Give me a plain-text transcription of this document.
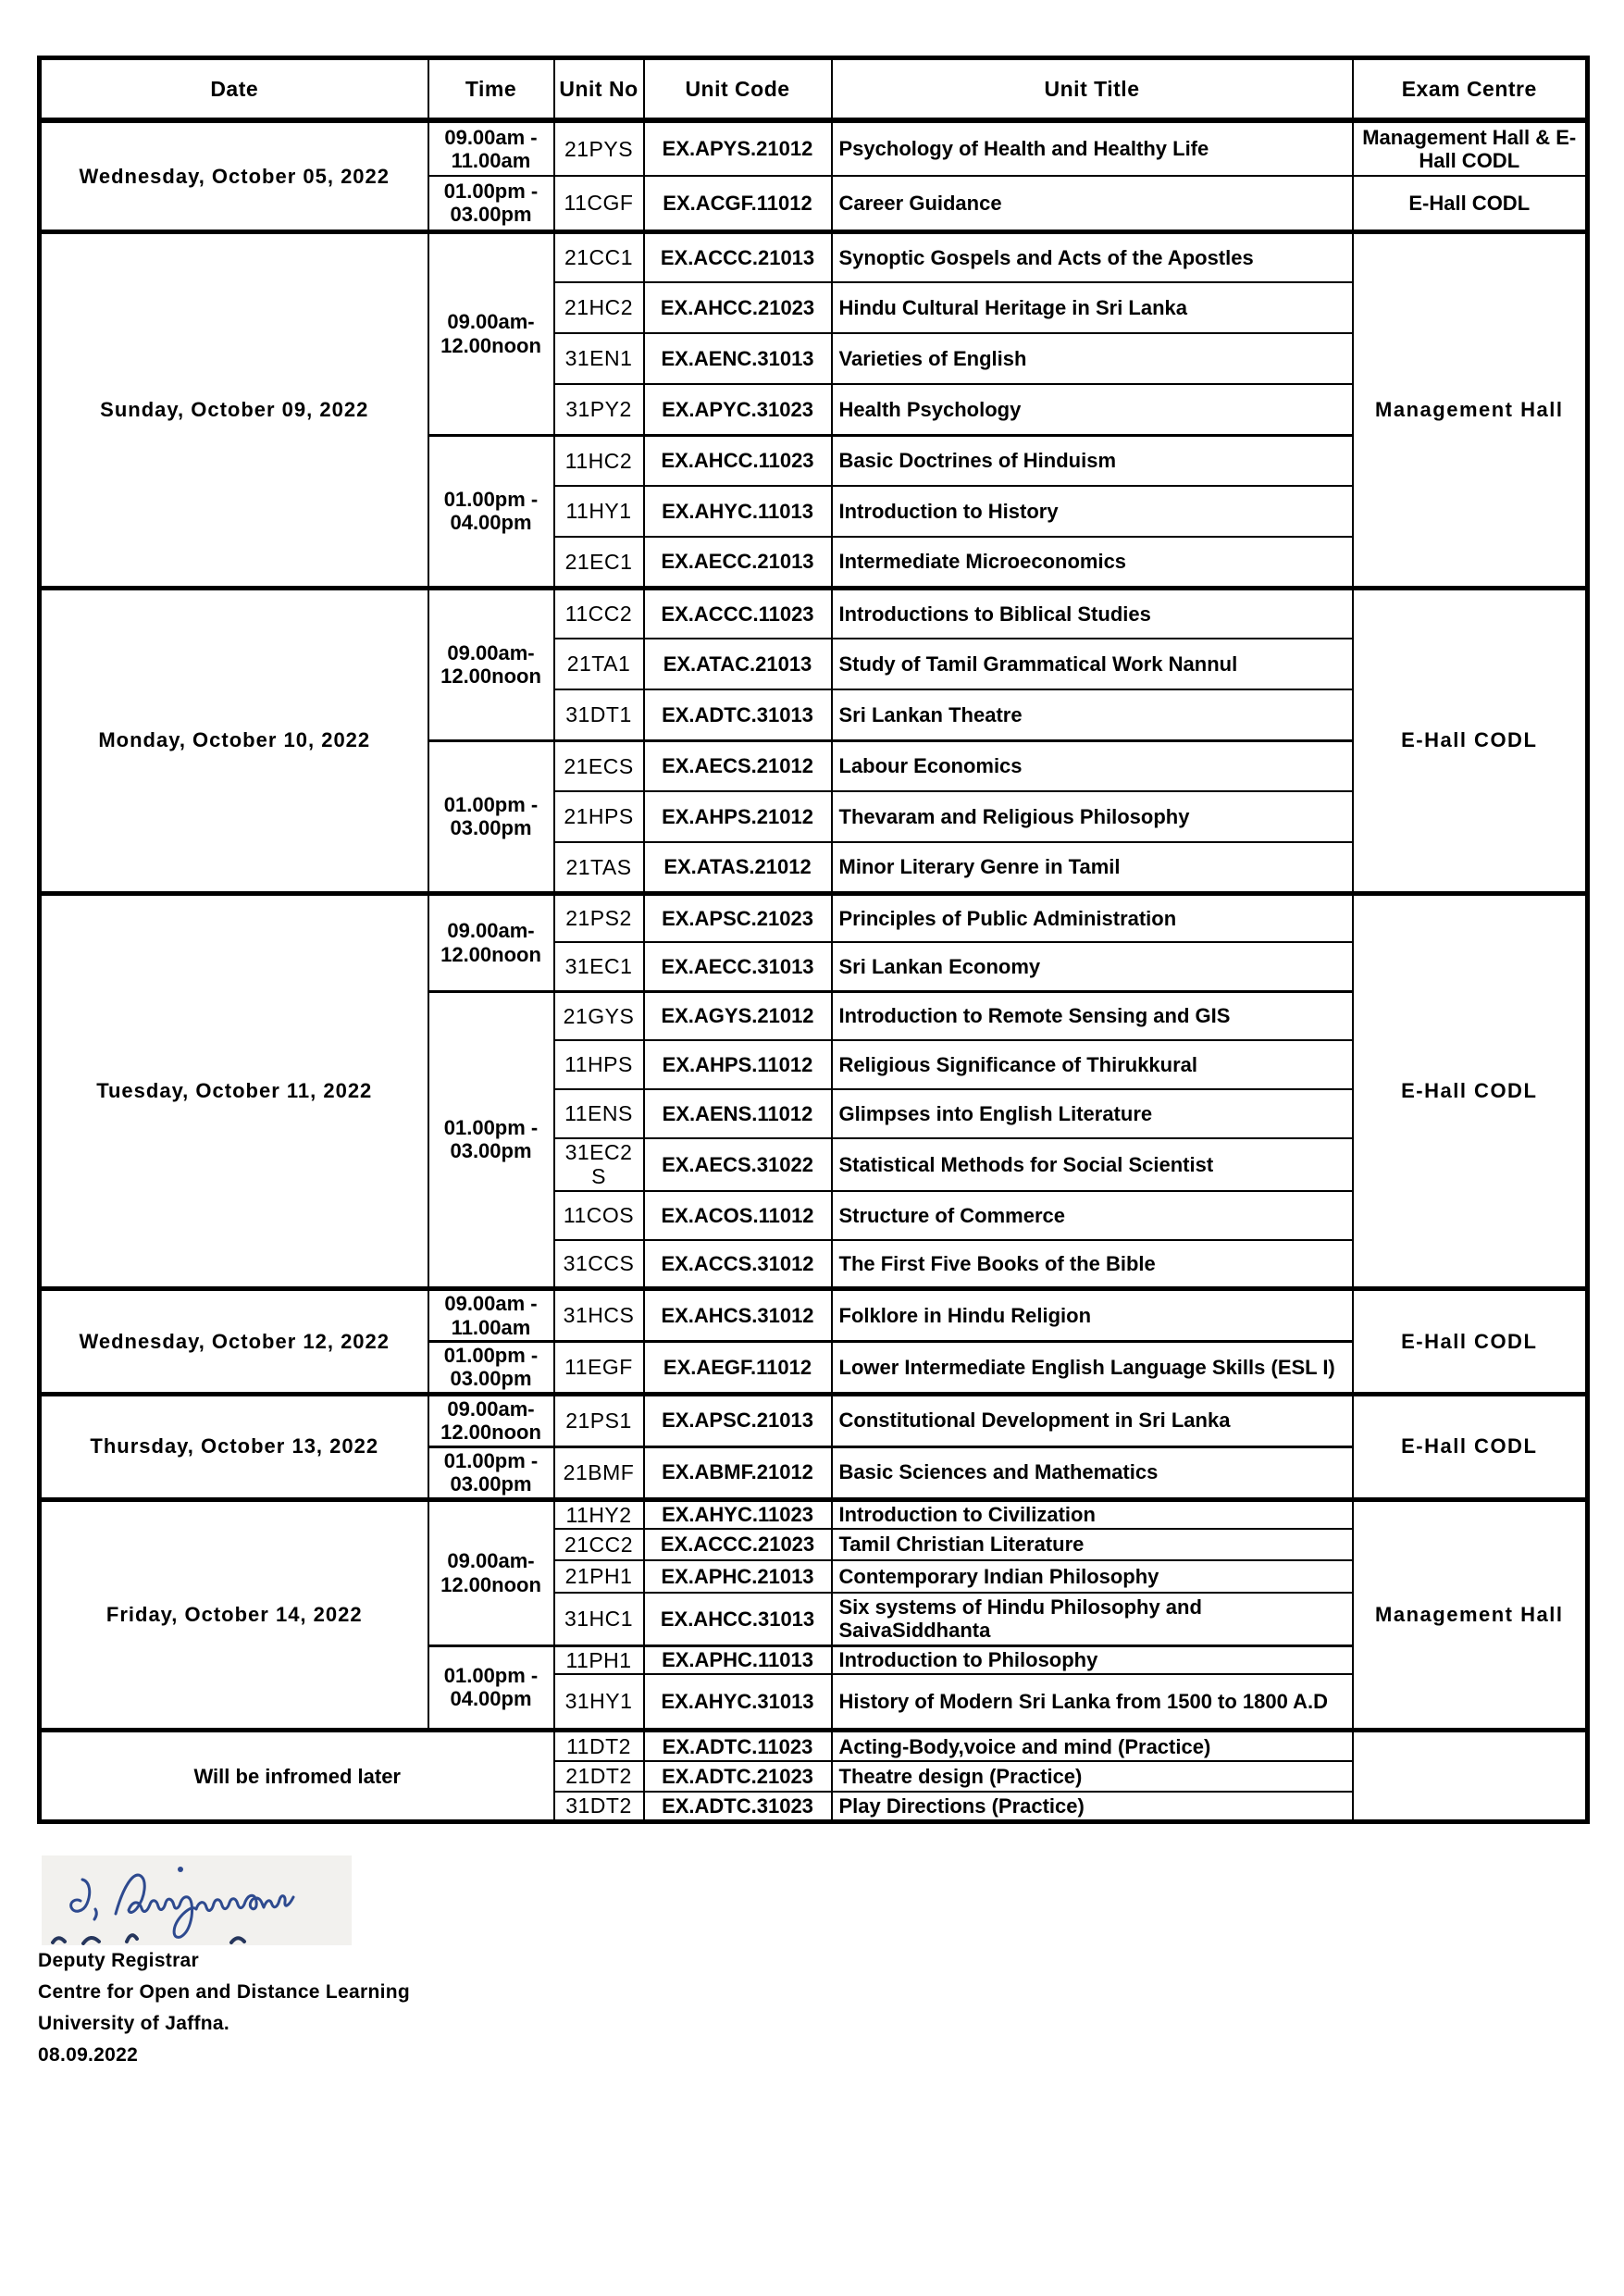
Date	Time	Unit No	Unit Code	Unit Title	Exam Centre
Wednesday, October 05, 2022	09.00am - 11.00am	21PYS	EX.APYS.21012	Psychology of Health and Healthy Life	Management Hall & E-Hall CODL
	01.00pm - 03.00pm	11CGF	EX.ACGF.11012	Career Guidance	E-Hall CODL
Sunday, October 09, 2022	09.00am-12.00noon	21CC1	EX.ACCC.21013	Synoptic Gospels and Acts of the Apostles	Management Hall
		21HC2	EX.AHCC.21023	Hindu Cultural Heritage in Sri Lanka	
		31EN1	EX.AENC.31013	Varieties of English	
		31PY2	EX.APYC.31023	Health Psychology	
	01.00pm - 04.00pm	11HC2	EX.AHCC.11023	Basic Doctrines of Hinduism	
		11HY1	EX.AHYC.11013	Introduction to History	
		21EC1	EX.AECC.21013	Intermediate Microeconomics	
Monday, October 10, 2022	09.00am-12.00noon	11CC2	EX.ACCC.11023	Introductions to Biblical Studies	E-Hall CODL
		21TA1	EX.ATAC.21013	Study of Tamil Grammatical Work Nannul	
		31DT1	EX.ADTC.31013	Sri Lankan Theatre	
	01.00pm - 03.00pm	21ECS	EX.AECS.21012	Labour Economics	
		21HPS	EX.AHPS.21012	Thevaram and Religious Philosophy	
		21TAS	EX.ATAS.21012	Minor Literary Genre in Tamil	
Tuesday, October 11, 2022	09.00am-12.00noon	21PS2	EX.APSC.21023	Principles of Public Administration	E-Hall CODL
		31EC1	EX.AECC.31013	Sri Lankan Economy	
	01.00pm - 03.00pm	21GYS	EX.AGYS.21012	Introduction to Remote Sensing and GIS	
		11HPS	EX.AHPS.11012	Religious Significance of Thirukkural	
		11ENS	EX.AENS.11012	Glimpses into English Literature	
		31EC2S	EX.AECS.31022	Statistical Methods for Social Scientist	
		11COS	EX.ACOS.11012	Structure of Commerce	
		31CCS	EX.ACCS.31012	The First Five Books of the Bible	
Wednesday, October 12, 2022	09.00am - 11.00am	31HCS	EX.AHCS.31012	Folklore in Hindu Religion	E-Hall CODL
	01.00pm - 03.00pm	11EGF	EX.AEGF.11012	Lower Intermediate English Language Skills (ESL I)	
Thursday, October 13, 2022	09.00am-12.00noon	21PS1	EX.APSC.21013	Constitutional Development in Sri Lanka	E-Hall CODL
	01.00pm - 03.00pm	21BMF	EX.ABMF.21012	Basic Sciences and Mathematics	
Friday, October 14, 2022	09.00am-12.00noon	11HY2	EX.AHYC.11023	Introduction to Civilization	Management Hall
		21CC2	EX.ACCC.21023	Tamil Christian Literature	
		21PH1	EX.APHC.21013	Contemporary Indian Philosophy	
		31HC1	EX.AHCC.31013	Six systems of Hindu Philosophy and SaivaSiddhanta	
	01.00pm - 04.00pm	11PH1	EX.APHC.11013	Introduction to Philosophy	
		31HY1	EX.AHYC.31013	History of Modern Sri Lanka from 1500 to 1800 A.D	
Will be infromed later		11DT2	EX.ADTC.11023	Acting-Body,voice and mind (Practice)	
		21DT2	EX.ADTC.21023	Theatre design (Practice)	
		31DT2	EX.ADTC.31023	Play Directions (Practice)	
Deputy Registrar
Centre for Open and Distance Learning
University of Jaffna.
08.09.2022
